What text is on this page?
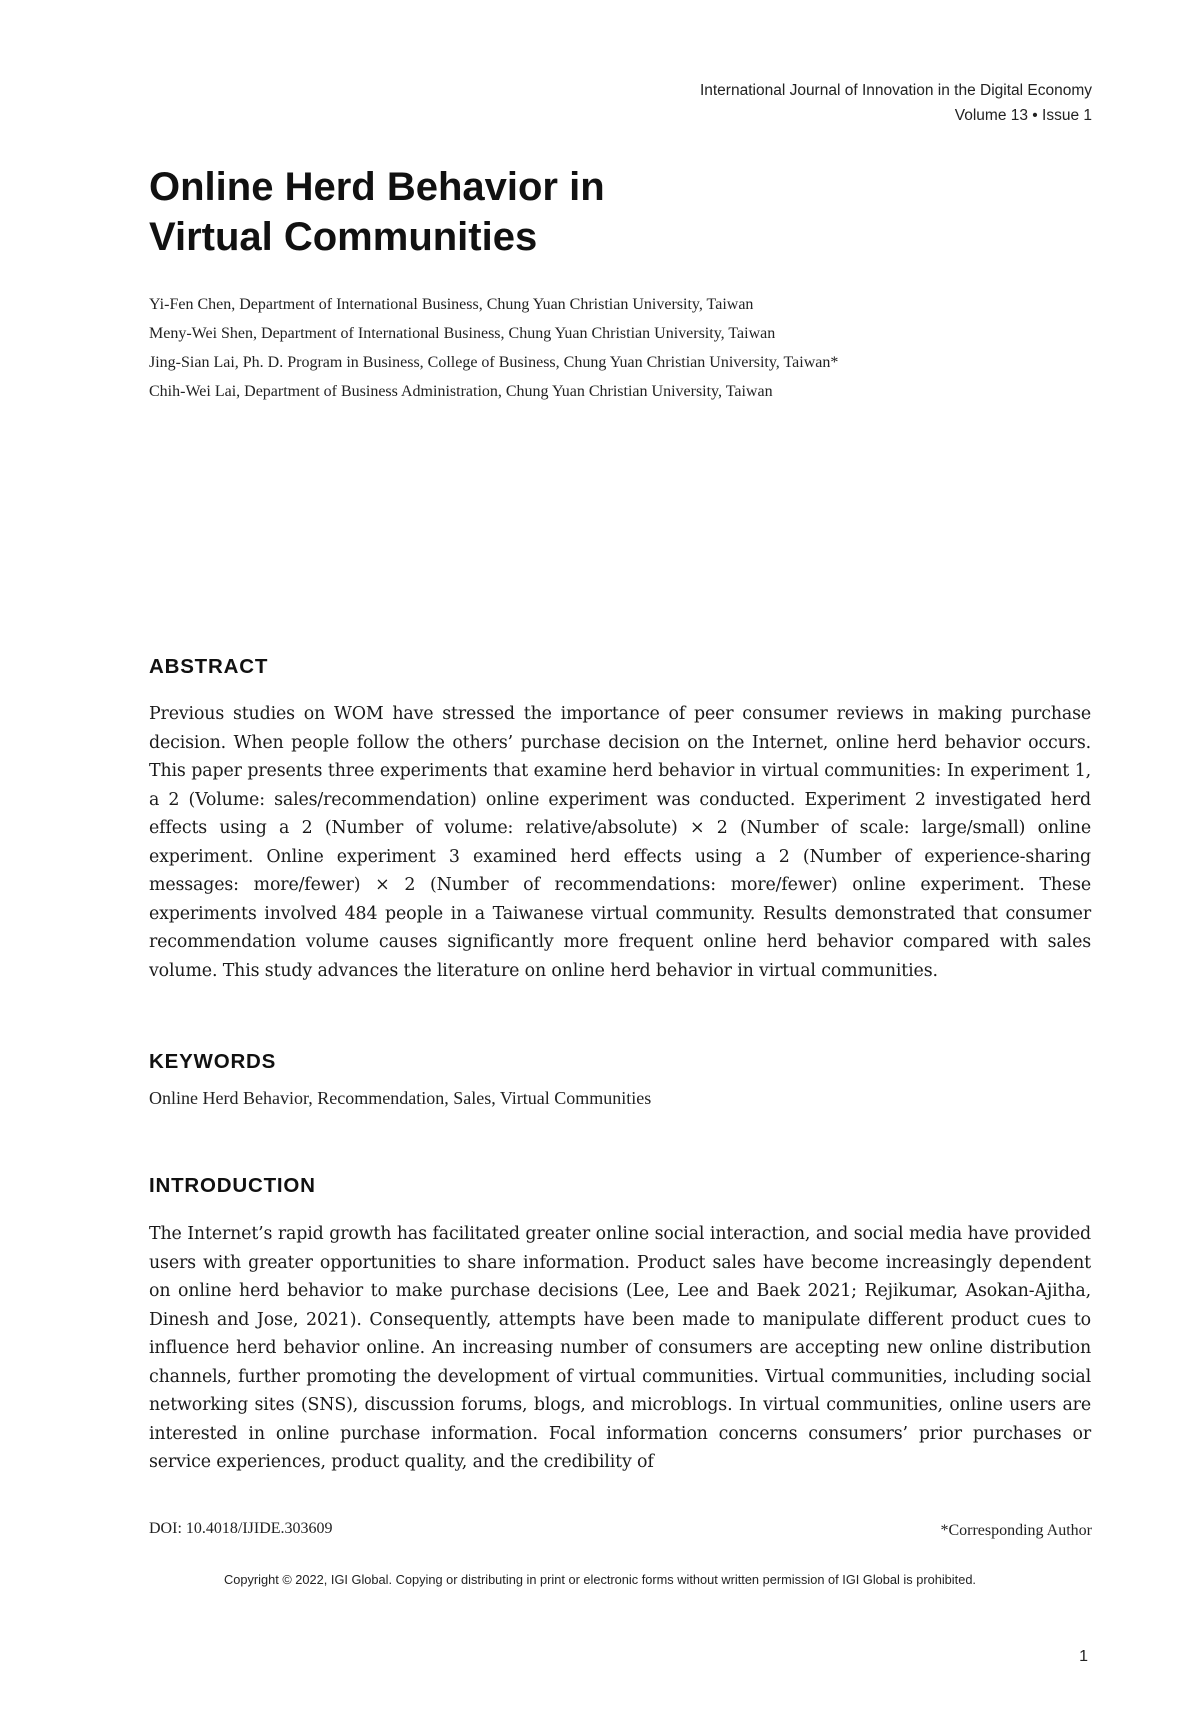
International Journal of Innovation in the Digital Economy
Volume 13 • Issue 1
Online Herd Behavior in
Virtual Communities
Yi-Fen Chen, Department of International Business, Chung Yuan Christian University, Taiwan
Meny-Wei Shen, Department of International Business, Chung Yuan Christian University, Taiwan
Jing-Sian Lai, Ph. D. Program in Business, College of Business, Chung Yuan Christian University, Taiwan*
Chih-Wei Lai, Department of Business Administration, Chung Yuan Christian University, Taiwan
ABSTRACT

Previous studies on WOM have stressed the importance of peer consumer reviews in making purchase decision. When people follow the others’ purchase decision on the Internet, online herd behavior occurs. This paper presents three experiments that examine herd behavior in virtual communities: In experiment 1, a 2 (Volume: sales/recommendation) online experiment was conducted. Experiment 2 investigated herd effects using a 2 (Number of volume: relative/absolute) × 2 (Number of scale: large/small) online experiment. Online experiment 3 examined herd effects using a 2 (Number of experience-sharing messages: more/fewer) × 2 (Number of recommendations: more/fewer) online experiment. These experiments involved 484 people in a Taiwanese virtual community. Results demonstrated that consumer recommendation volume causes significantly more frequent online herd behavior compared with sales volume. This study advances the literature on online herd behavior in virtual communities.

KEYWORDS
Online Herd Behavior, Recommendation, Sales, Virtual Communities
INTRODUCTION

The Internet’s rapid growth has facilitated greater online social interaction, and social media have provided users with greater opportunities to share information. Product sales have become increasingly dependent on online herd behavior to make purchase decisions (Lee, Lee and Baek 2021; Rejikumar, Asokan-Ajitha, Dinesh and Jose, 2021). Consequently, attempts have been made to manipulate different product cues to influence herd behavior online. An increasing number of consumers are accepting new online distribution channels, further promoting the development of virtual communities. Virtual communities, including social networking sites (SNS), discussion forums, blogs, and microblogs. In virtual communities, online users are interested in online purchase information. Focal information concerns consumers’ prior purchases or service experiences, product quality, and the credibility of

DOI: 10.4018/IJIDE.303609	*Corresponding Author
Copyright © 2022, IGI Global. Copying or distributing in print or electronic forms without written permission of IGI Global is prohibited.
1
